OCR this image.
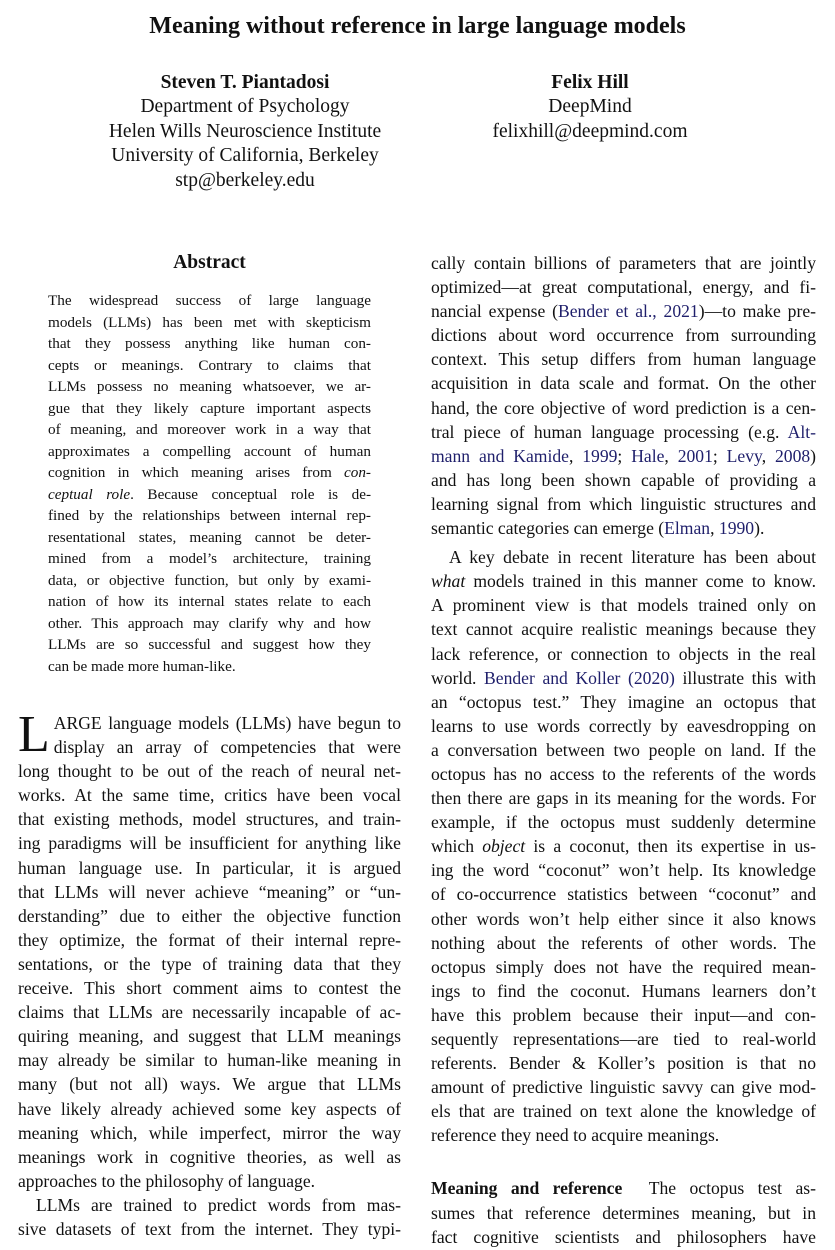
Meaning without reference in large language models
Steven T. Piantadosi
Department of Psychology
Helen Wills Neuroscience Institute
University of California, Berkeley
stp@berkeley.edu
Felix Hill
DeepMind
felixhill@deepmind.com
Abstract
The widespread success of large language
models (LLMs) has been met with skepticism
that they possess anything like human con-
cepts or meanings. Contrary to claims that
LLMs possess no meaning whatsoever, we ar-
gue that they likely capture important aspects
of meaning, and moreover work in a way that
approximates a compelling account of human
cognition in which meaning arises from con-
ceptual role. Because conceptual role is de-
fined by the relationships between internal rep-
resentational states, meaning cannot be deter-
mined from a model’s architecture, training
data, or objective function, but only by exami-
nation of how its internal states relate to each
other. This approach may clarify why and how
LLMs are so successful and suggest how they
can be made more human-like.
L ARGE language models (LLMs) have begun to
display an array of competencies that were
long thought to be out of the reach of neural net-
works. At the same time, critics have been vocal
that existing methods, model structures, and train-
ing paradigms will be insufficient for anything like
human language use. In particular, it is argued
that LLMs will never achieve “meaning” or “un-
derstanding” due to either the objective function
they optimize, the format of their internal repre-
sentations, or the type of training data that they
receive. This short comment aims to contest the
claims that LLMs are necessarily incapable of ac-
quiring meaning, and suggest that LLM meanings
may already be similar to human-like meaning in
many (but not all) ways. We argue that LLMs
have likely already achieved some key aspects of
meaning which, while imperfect, mirror the way
meanings work in cognitive theories, as well as
approaches to the philosophy of language.
LLMs are trained to predict words from mas-
sive datasets of text from the internet. They typi-
cally contain billions of parameters that are jointly
optimized—at great computational, energy, and fi-
nancial expense (Bender et al., 2021)—to make pre-
dictions about word occurrence from surrounding
context. This setup differs from human language
acquisition in data scale and format. On the other
hand, the core objective of word prediction is a cen-
tral piece of human language processing (e.g. Alt-
mann and Kamide, 1999; Hale, 2001; Levy, 2008)
and has long been shown capable of providing a
learning signal from which linguistic structures and
semantic categories can emerge (Elman, 1990).
A key debate in recent literature has been about
what models trained in this manner come to know.
A prominent view is that models trained only on
text cannot acquire realistic meanings because they
lack reference, or connection to objects in the real
world. Bender and Koller (2020) illustrate this with
an “octopus test.” They imagine an octopus that
learns to use words correctly by eavesdropping on
a conversation between two people on land. If the
octopus has no access to the referents of the words
then there are gaps in its meaning for the words. For
example, if the octopus must suddenly determine
which object is a coconut, then its expertise in us-
ing the word “coconut” won’t help. Its knowledge
of co-occurrence statistics between “coconut” and
other words won’t help either since it also knows
nothing about the referents of other words. The
octopus simply does not have the required mean-
ings to find the coconut. Humans learners don’t
have this problem because their input—and con-
sequently representations—are tied to real-world
referents. Bender & Koller’s position is that no
amount of predictive linguistic savvy can give mod-
els that are trained on text alone the knowledge of
reference they need to acquire meanings.
Meaning and reference  The octopus test as-
sumes that reference determines meaning, but in
fact cognitive scientists and philosophers have
